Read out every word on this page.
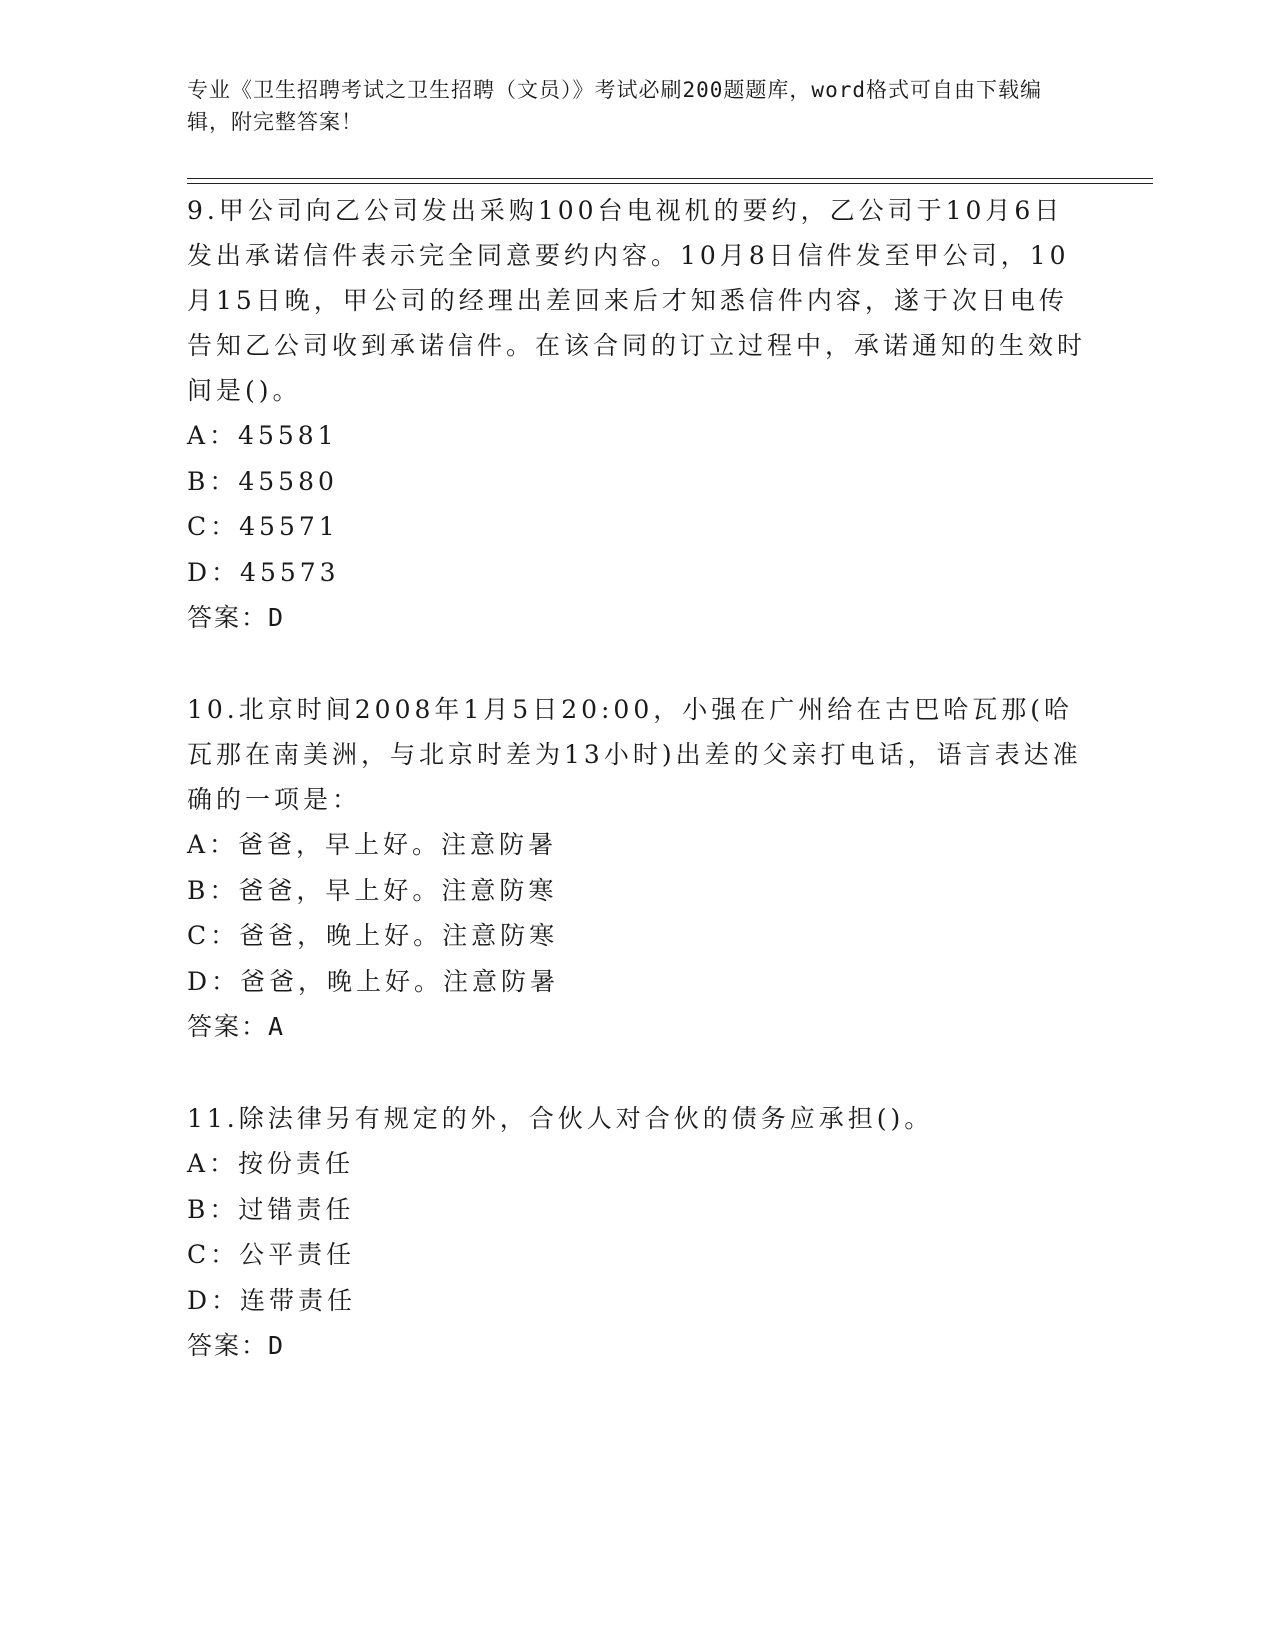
专业《卫生招聘考试之卫生招聘（文员）》考试必刷200题题库，word格式可自由下载编辑，附完整答案！

9.甲公司向乙公司发出采购100台电视机的要约，乙公司于10月6日发出承诺信件表示完全同意要约内容。10月8日信件发至甲公司，10月15日晚，甲公司的经理出差回来后才知悉信件内容，遂于次日电传告知乙公司收到承诺信件。在该合同的订立过程中，承诺通知的生效时间是()。

A：45581

B：45580

C：45571

D：45573

答案：D

10.北京时间2008年1月5日20:00，小强在广州给在古巴哈瓦那(哈瓦那在南美洲，与北京时差为13小时)出差的父亲打电话，语言表达准确的一项是：

A：爸爸，早上好。注意防暑

B：爸爸，早上好。注意防寒

C：爸爸，晚上好。注意防寒

D：爸爸，晚上好。注意防暑

答案：A

11.除法律另有规定的外，合伙人对合伙的债务应承担()。

A：按份责任

B：过错责任

C：公平责任

D：连带责任

答案：D
